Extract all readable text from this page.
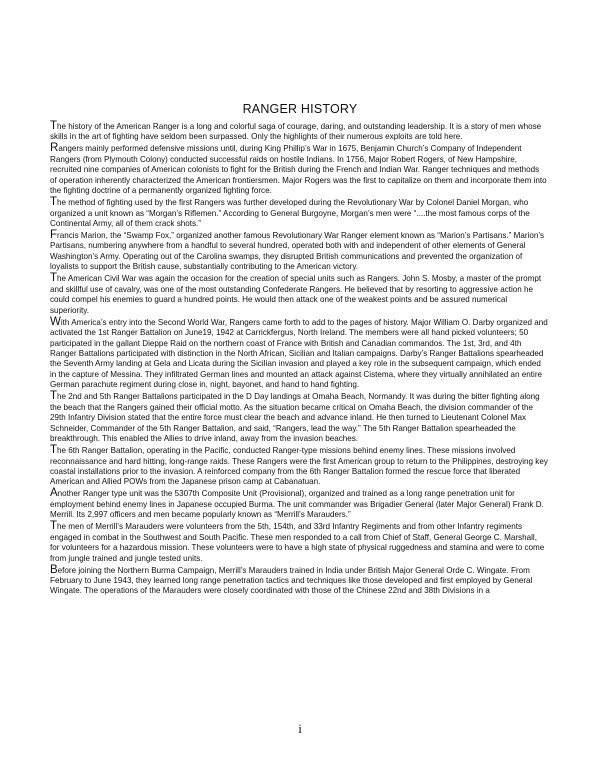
RANGER HISTORY

The history of the American Ranger is a long and colorful saga of courage, daring, and outstanding leadership. It is a story of men whose skills in the art of fighting have seldom been surpassed. Only the highlights of their numerous exploits are told here.

Rangers mainly performed defensive missions until, during King Phillip’s War in 1675, Benjamin Church’s Company of Independent Rangers (from Plymouth Colony) conducted successful raids on hostile Indians. In 1756, Major Robert Rogers, of New Hampshire, recruited nine companies of American colonists to fight for the British during the French and Indian War. Ranger techniques and methods of operation inherently characterized the American frontiersmen. Major Rogers was the first to capitalize on them and incorporate them into the fighting doctrine of a permanently organized fighting force.

The method of fighting used by the first Rangers was further developed during the Revolutionary War by Colonel Daniel Morgan, who organized a unit known as “Morgan’s Riflemen.” According to General Burgoyne, Morgan’s men were “....the most famous corps of the Continental Army, all of them crack shots.”

Francis Marion, the “Swamp Fox,” organized another famous Revolutionary War Ranger element known as “Marion’s Partisans.” Marion’s Partisans, numbering anywhere from a handful to several hundred, operated both with and independent of other elements of General Washington’s Army. Operating out of the Carolina swamps, they disrupted British communications and prevented the organization of loyalists to support the British cause, substantially contributing to the American victory.

The American Civil War was again the occasion for the creation of special units such as Rangers. John S. Mosby, a master of the prompt and skillful use of cavalry, was one of the most outstanding Confederate Rangers. He believed that by resorting to aggressive action he could compel his enemies to guard a hundred points. He would then attack one of the weakest points and be assured numerical superiority.

With America’s entry into the Second World War, Rangers came forth to add to the pages of history. Major William O. Darby organized and activated the 1st Ranger Battalion on June19, 1942 at Carrickfergus, North Ireland. The members were all hand picked volunteers; 50 participated in the gallant Dieppe Raid on the northern coast of France with British and Canadian commandos. The 1st, 3rd, and 4th Ranger Battalions participated with distinction in the North African, Sicilian and Italian campaigns. Darby’s Ranger Battalions spearheaded the Seventh Army landing at Gela and Licata during the Sicilian invasion and played a key role in the subsequent campaign, which ended in the capture of Messina. They infiltrated German lines and mounted an attack against Cistema, where they virtually annihilated an entire German parachute regiment during close in, night, bayonet, and hand to hand fighting.

The 2nd and 5th Ranger Battalions participated in the D Day landings at Omaha Beach, Normandy. It was during the bitter fighting along the beach that the Rangers gained their official motto. As the situation became critical on Omaha Beach, the division commander of the 29th Infantry Division stated that the entire force must clear the beach and advance inland. He then turned to Lieutenant Colonel Max Schneider, Commander of the 5th Ranger Battalion, and said, “Rangers, lead the way.” The 5th Ranger Battalion spearheaded the breakthrough. This enabled the Allies to drive inland, away from the invasion beaches.

The 6th Ranger Battalion, operating in the Pacific, conducted Ranger-type missions behind enemy lines. These missions involved reconnaissance and hard hitting, long-range raids. These Rangers were the first American group to return to the Philippines, destroying key coastal installations prior to the invasion. A reinforced company from the 6th Ranger Battalion formed the rescue force that liberated American and Allied POWs from the Japanese prison camp at Cabanatuan.

Another Ranger type unit was the 5307th Composite Unit (Provisional), organized and trained as a long range penetration unit for employment behind enemy lines in Japanese occupied Burma. The unit commander was Brigadier General (later Major General) Frank D. Merrill. Its 2,997 officers and men became popularly known as “Merrill’s Marauders.”

The men of Merrill’s Marauders were volunteers from the 5th, 154th, and 33rd Infantry Regiments and from other Infantry regiments engaged in combat in the Southwest and South Pacific. These men responded to a call from Chief of Staff, General George C. Marshall, for volunteers for a hazardous mission. These volunteers were to have a high state of physical ruggedness and stamina and were to come from jungle trained and jungle tested units.

Before joining the Northern Burma Campaign, Merrill’s Marauders trained in India under British Major General Orde C. Wingate. From February to June 1943, they learned long range penetration tactics and techniques like those developed and first employed by General Wingate. The operations of the Marauders were closely coordinated with those of the Chinese 22nd and 38th Divisions in a

i
